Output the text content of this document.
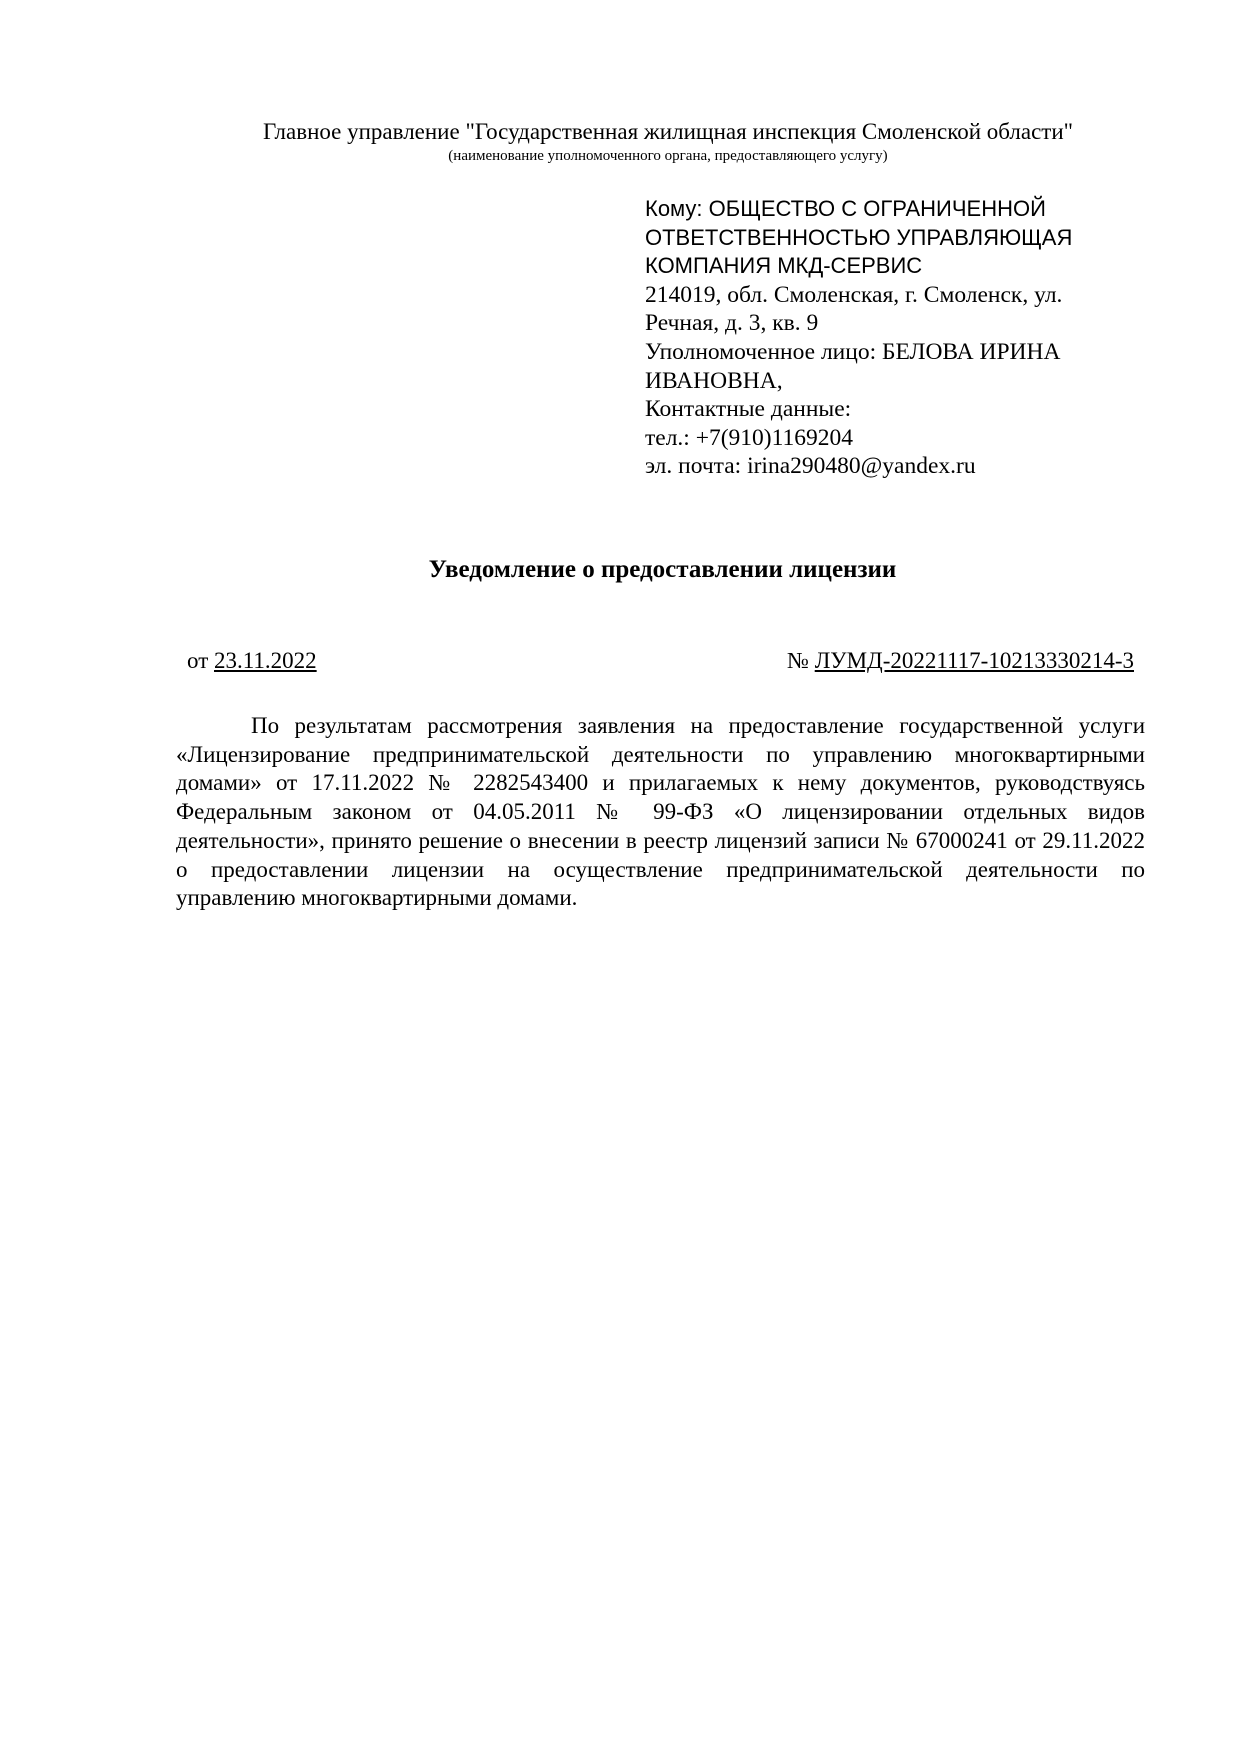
Главное управление "Государственная жилищная инспекция Смоленской области"
(наименование уполномоченного органа, предоставляющего услугу)
Кому: ОБЩЕСТВО С ОГРАНИЧЕННОЙ
ОТВЕТСТВЕННОСТЬЮ УПРАВЛЯЮЩАЯ
КОМПАНИЯ МКД-СЕРВИС
214019, обл. Смоленская, г. Смоленск, ул.
Речная, д. 3, кв. 9
Уполномоченное лицо: БЕЛОВА ИРИНА
ИВАНОВНА,
Контактные данные:
тел.: +7(910)1169204
эл. почта: irina290480@yandex.ru
Уведомление о предоставлении лицензии
от 23.11.2022	№ ЛУМД-20221117-10213330214-3

По результатам рассмотрения заявления на предоставление государственной услуги «Лицензирование предпринимательской деятельности по управлению многоквартирными домами» от 17.11.2022 № 2282543400 и прилагаемых к нему документов, руководствуясь Федеральным законом от 04.05.2011 № 99-ФЗ «О лицензировании отдельных видов деятельности», принято решение о внесении в реестр лицензий записи № 67000241 от 29.11.2022 о предоставлении лицензии на осуществление предпринимательской деятельности по управлению многоквартирными домами.
